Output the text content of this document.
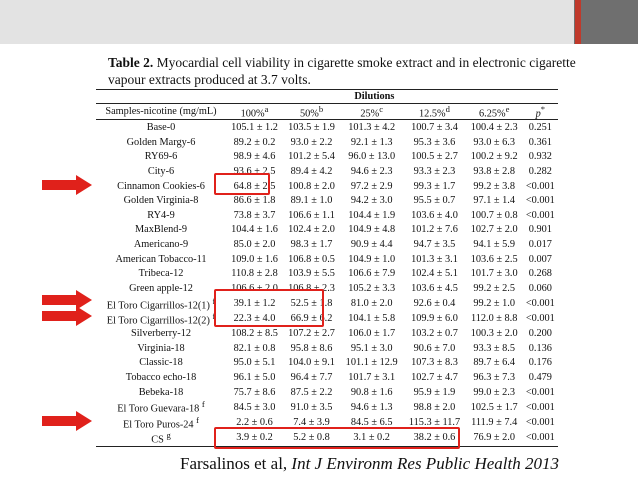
Table 2. Myocardial cell viability in cigarette smoke extract and in electronic cigarette vapour extracts produced at 3.7 volts.
	Dilutions					
Samples-nicotine (mg/mL)	100%$^a$	50%$^b$	25%$^c$	12.5%$^d$	6.25%$^e$	p*
Base-0	105.1 ± 1.2	103.5 ± 1.9	101.3 ± 4.2	100.7 ± 3.4	100.4 ± 2.3	0.251
Golden Margy-6	89.2 ± 0.2	93.0 ± 2.2	92.1 ± 1.3	95.3 ± 3.6	93.0 ± 6.3	0.361
RY69-6	98.9 ± 4.6	101.2 ± 5.4	96.0 ± 13.0	100.5 ± 2.7	100.2 ± 9.2	0.932
City-6	93.6 ± 2.5	89.4 ± 4.2	94.6 ± 2.3	93.3 ± 2.3	93.8 ± 2.8	0.282
Cinnamon Cookies-6	64.8 ± 2.5	100.8 ± 2.0	97.2 ± 2.9	99.3 ± 1.7	99.2 ± 3.8	<0.001
Golden Virginia-8	86.6 ± 1.8	89.1 ± 1.0	94.2 ± 3.0	95.5 ± 0.7	97.1 ± 1.4	<0.001
RY4-9	73.8 ± 3.7	106.6 ± 1.1	104.4 ± 1.9	103.6 ± 4.0	100.7 ± 0.8	<0.001
MaxBlend-9	104.4 ± 1.6	102.4 ± 2.0	104.9 ± 4.8	101.2 ± 7.6	102.7 ± 2.0	0.901
Americano-9	85.0 ± 2.0	98.3 ± 1.7	90.9 ± 4.4	94.7 ± 3.5	94.1 ± 5.9	0.017
American Tobacco-11	109.0 ± 1.6	106.8 ± 0.5	104.9 ± 1.0	101.3 ± 3.1	103.6 ± 2.5	0.007
Tribeca-12	110.8 ± 2.8	103.9 ± 5.5	106.6 ± 7.9	102.4 ± 5.1	101.7 ± 3.0	0.268
Green apple-12	106.6 ± 2.0	106.8 ± 2.3	105.2 ± 3.3	103.6 ± 4.5	99.2 ± 2.5	0.060
El Toro Cigarrillos-12(1) $^f$	39.1 ± 1.2	52.5 ± 1.8	81.0 ± 2.0	92.6 ± 0.4	99.2 ± 1.0	<0.001
El Toro Cigarrillos-12(2) $^f$	22.3 ± 4.0	66.9 ± 6.2	104.1 ± 5.8	109.9 ± 6.0	112.0 ± 8.8	<0.001
Silverberry-12	108.2 ± 8.5	107.2 ± 2.7	106.0 ± 1.7	103.2 ± 0.7	100.3 ± 2.0	0.200
Virginia-18	82.1 ± 0.8	95.8 ± 8.6	95.1 ± 3.0	90.6 ± 7.0	93.3 ± 8.5	0.136
Classic-18	95.0 ± 5.1	104.0 ± 9.1	101.1 ± 12.9	107.3 ± 8.3	89.7 ± 6.4	0.176
Tobacco echo-18	96.1 ± 5.0	96.4 ± 7.7	101.7 ± 3.1	102.7 ± 4.7	96.3 ± 7.3	0.479
Bebeka-18	75.7 ± 8.6	87.5 ± 2.2	90.8 ± 1.6	95.9 ± 1.9	99.0 ± 2.3	<0.001
El Toro Guevara-18 $^f$	84.5 ± 3.0	91.0 ± 3.5	94.6 ± 1.3	98.8 ± 2.0	102.5 ± 1.7	<0.001
El Toro Puros-24 $^f$	2.2 ± 0.6	7.4 ± 3.9	84.5 ± 6.5	115.3 ± 11.7	111.9 ± 7.4	<0.001
CS $^g$	3.9 ± 0.2	5.2 ± 0.8	3.1 ± 0.2	38.2 ± 0.6	76.9 ± 2.0	<0.001
Farsalinos et al, Int J Environm Res Public Health 2013
